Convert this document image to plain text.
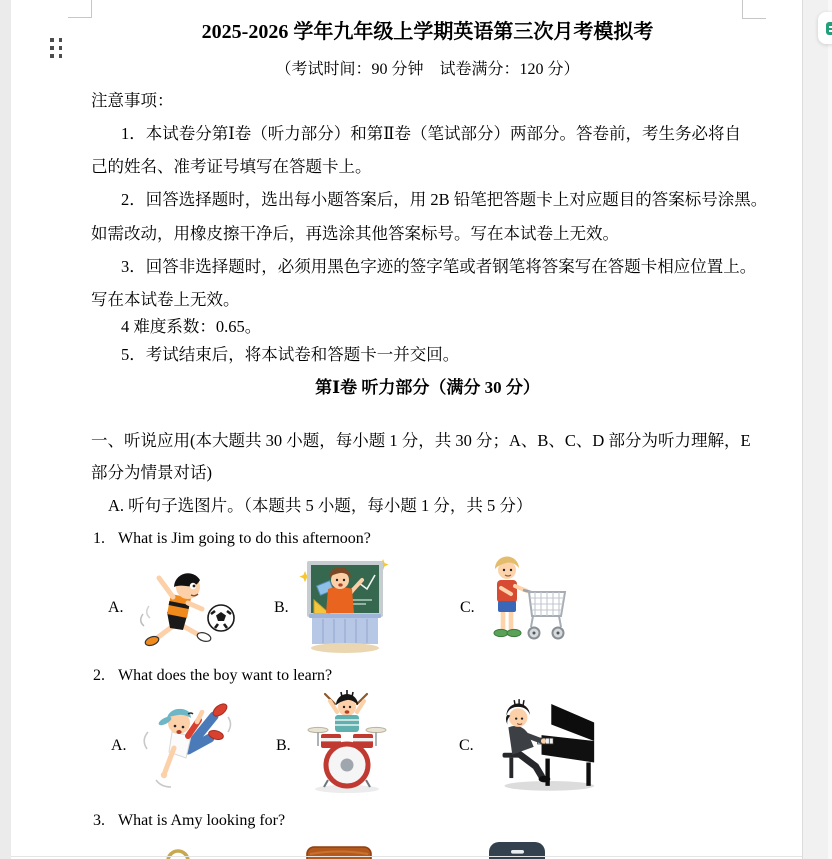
2025-2026 学年九年级上学期英语第三次月考模拟考
（考试时间：90 分钟　试卷满分：120 分）
注意事项：
1．本试卷分第Ⅰ卷（听力部分）和第Ⅱ卷（笔试部分）两部分。答卷前，考生务必将自
己的姓名、准考证号填写在答题卡上。
2．回答选择题时，选出每小题答案后，用 2B 铅笔把答题卡上对应题目的答案标号涂黑。
如需改动，用橡皮擦干净后，再选涂其他答案标号。写在本试卷上无效。
3．回答非选择题时，必须用黑色字迹的签字笔或者钢笔将答案写在答题卡相应位置上。
写在本试卷上无效。
4 难度系数：0.65。
5．考试结束后，将本试卷和答题卡一并交回。
第Ⅰ卷 听力部分（满分 30 分）
一、听说应用(本大题共 30 小题，每小题 1 分，共 30 分；A、B、C、D 部分为听力理解，E
部分为情景对话)
A. 听句子选图片。（本题共 5 小题，每小题 1 分，共 5 分）
1. What is Jim going to do this afternoon?
A.	B.	C.
2. What does the boy want to learn?
A.	B.	C.
3. What is Amy looking for?
